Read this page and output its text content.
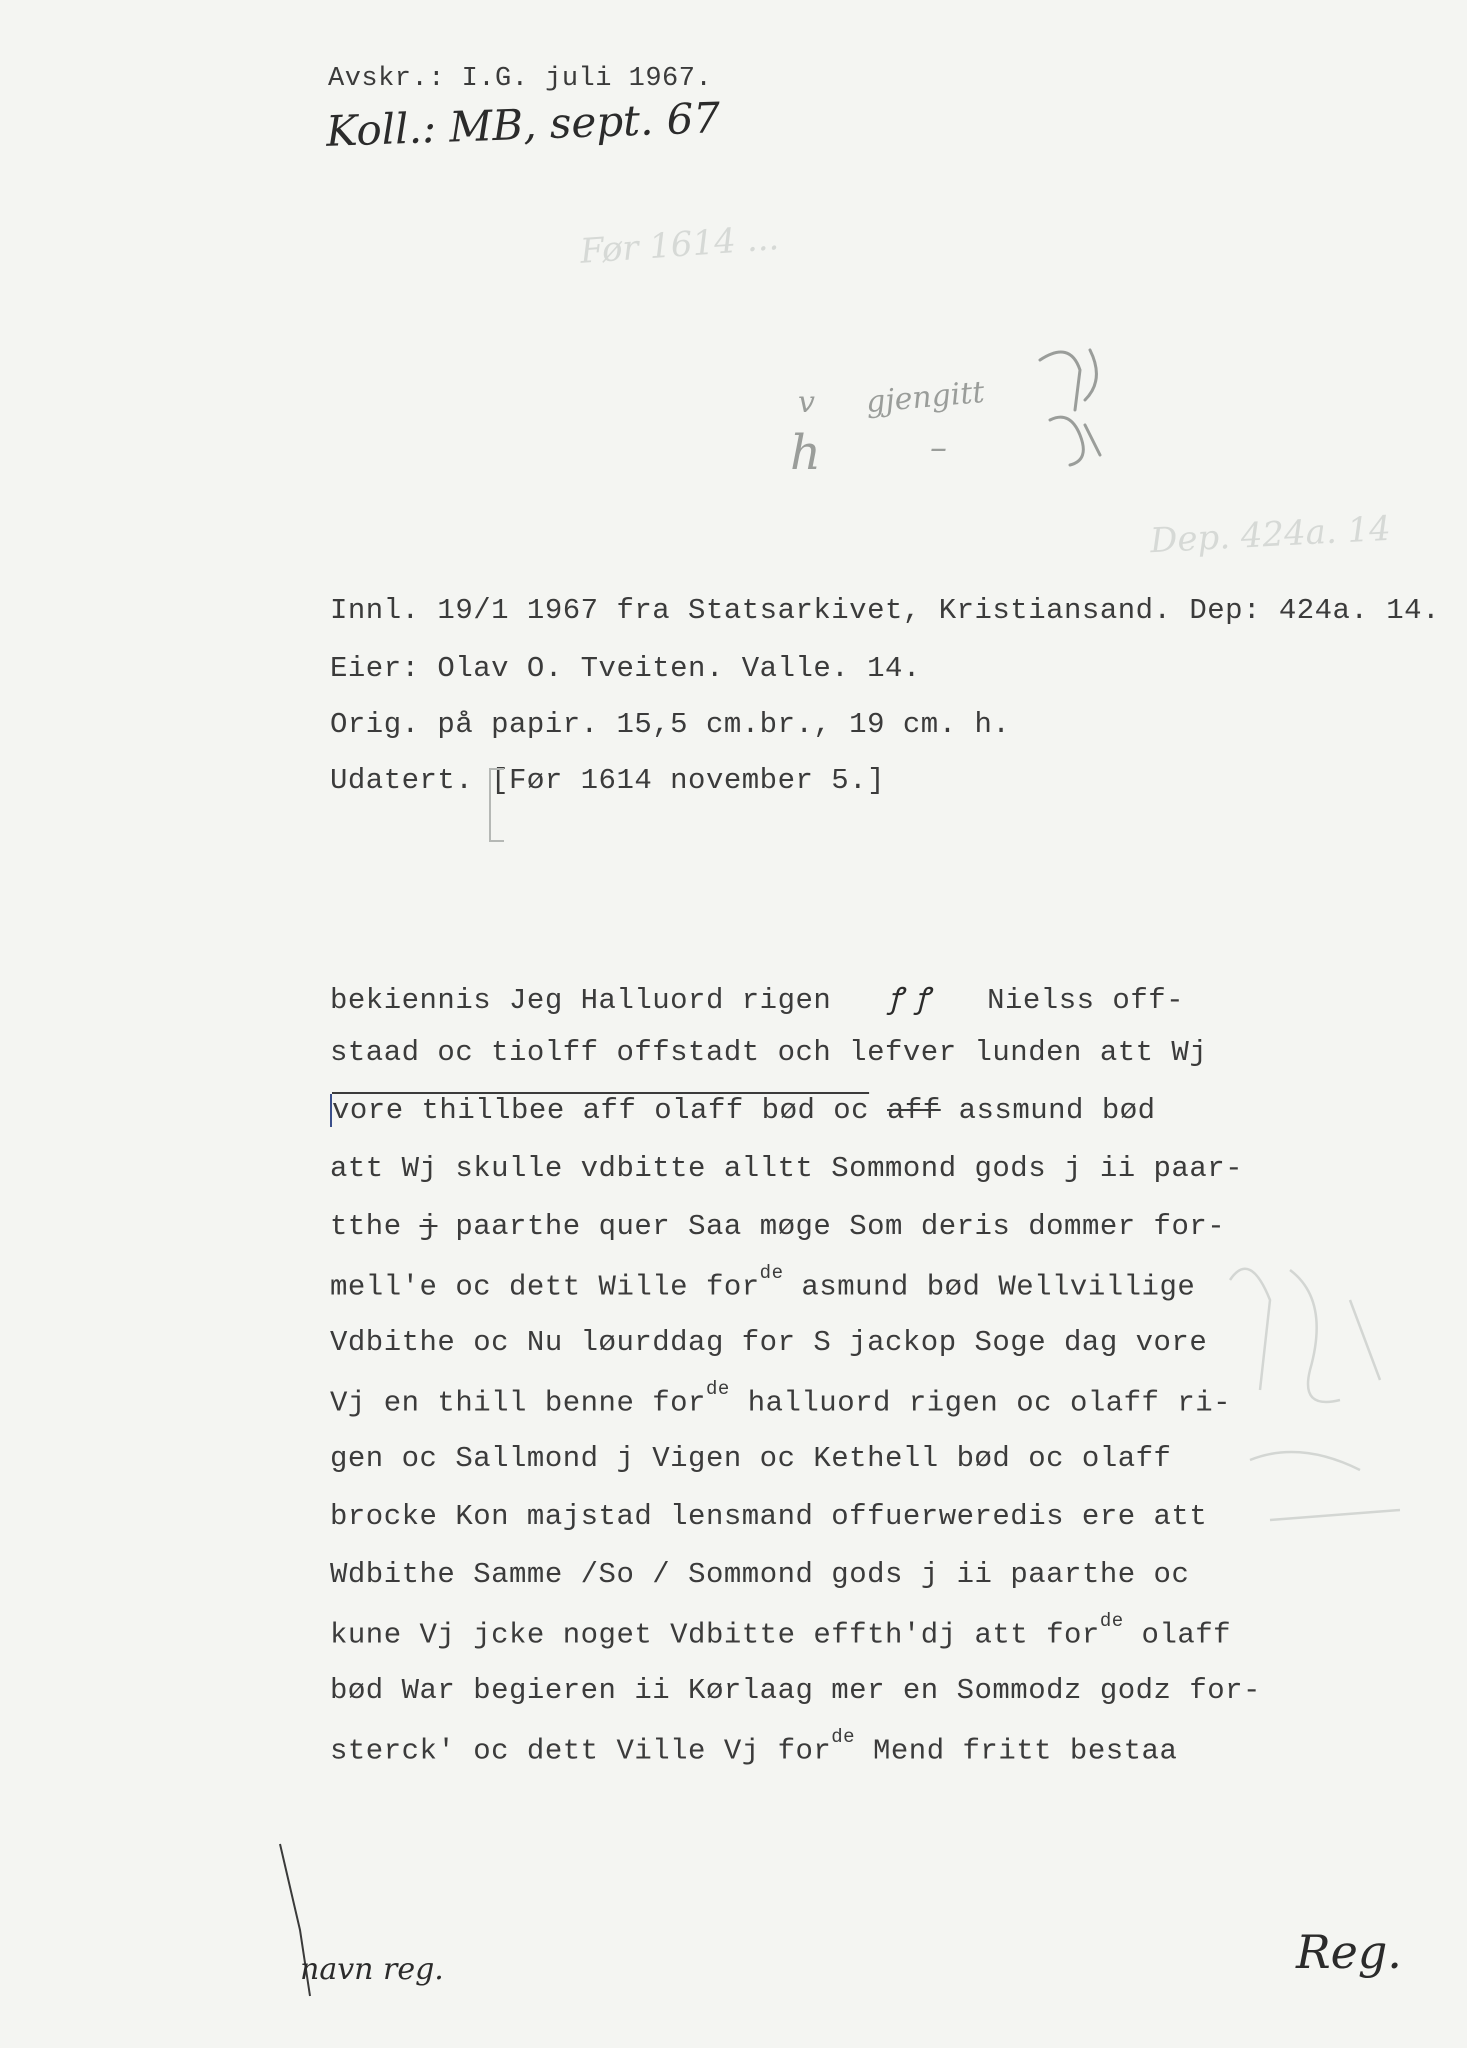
Avskr.: I.G. juli 1967.
Koll.: MB, sept. 67
Før 1614 ...
Dep. 424a. 14
v
h
gjengitt
–
Innl. 19/1 1967 fra Statsarkivet, Kristiansand. Dep: 424a. 14.
Eier: Olav O. Tveiten. Valle. 14.
Orig. på papir. 15,5 cm.br., 19 cm. h.
Udatert. [Før 1614 november 5.]
bekiennis Jeg Halluord rigen ꝭ  ꝭ Nielss off-
staad oc tiolff offstadt och lefver lunden att Wj
vore thillbee aff olaff bød oc aff assmund bød
att Wj skulle vdbitte alltt Sommond gods j ii paar-
tthe j paarthe quer Saa møge Som deris dommer for-
mell'e oc dett Wille for$^{de}$ asmund bød Wellvillige
Vdbithe oc Nu løurddag for S jackop Soge dag vore
Vj en thill benne for$^{de}$ halluord rigen oc olaff ri-
gen oc Sallmond j Vigen oc Kethell bød oc olaff
brocke Kon majstad lensmand offuerweredis ere att
Wdbithe Samme /So / Sommond gods j ii paarthe oc
kune Vj jcke noget Vdbitte effth'dj att for$^{de}$ olaff
bød War begieren ii Kørlaag mer en Sommodz godz for-
sterck' oc dett Ville Vj for$^{de}$ Mend fritt bestaa
navn reg.	Reg.
